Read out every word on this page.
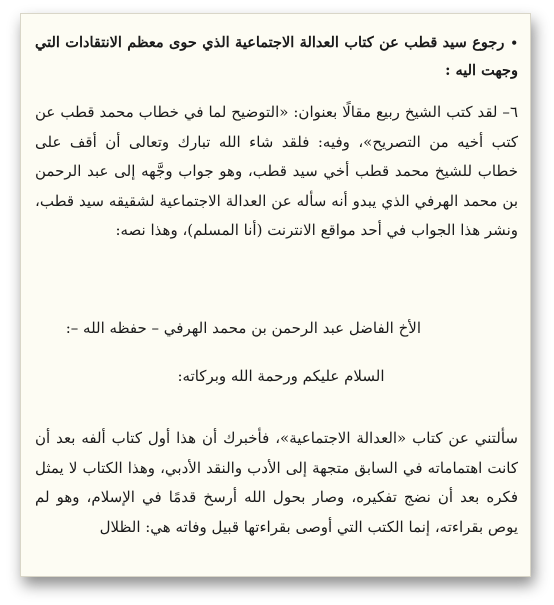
•رجوع سيد قطب عن كتاب العدالة الاجتماعية الذي حوى معظم الانتقادات التي وجهت اليه :

٦– لقد كتب الشيخ ربيع مقالًا بعنوان: «التوضيح لما في خطاب محمد قطب عن كتب أخيه من التصريح»، وفيه: فلقد شاء الله تبارك وتعالى أن أقف على خطاب للشيخ محمد قطب أخي سيد قطب، وهو جواب وجَّهه إلى عبد الرحمن بن محمد الهرفي الذي يبدو أنه سأله عن العدالة الاجتماعية لشقيقه سيد قطب، ونشر هذا الجواب في أحد مواقع الانترنت (أنا المسلم)، وهذا نصه:

الأخ الفاضل عبد الرحمن بن محمد الهرفي – حفظه الله –:

السلام عليكم ورحمة الله وبركاته:

سألتني عن كتاب «العدالة الاجتماعية»، فأخبرك أن هذا أول كتاب ألفه بعد أن كانت اهتماماته في السابق متجهة إلى الأدب والنقد الأدبي، وهذا الكتاب لا يمثل فكره بعد أن نضج تفكيره، وصار بحول الله أرسخ قدمًا في الإسلام، وهو لم يوص بقراءته، إنما الكتب التي أوصى بقراءتها قبيل وفاته هي: الظلال
